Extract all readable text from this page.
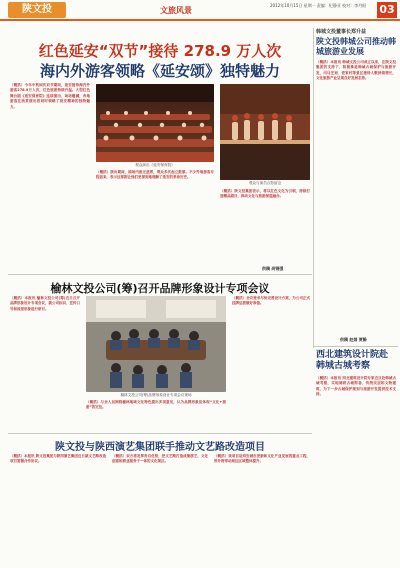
陕文投	文旅风景
2012年10月15日 星期一 责编：纪静亚 校对：李丹阳	03
红色延安“双节”接待 278.9 万人次
海内外游客领略《延安颂》独特魅力
（概括）今年中秋国庆双节期间，延安接待海内外游客278.9万人次，红色旅游持续升温。大型红色舞台剧《延安保育院》连续演出、场场爆满，各地游客在欣赏演出的同时领略了延安精神的独特魅力。
观众演出《延安保育院》
（概括）演出期间，剧场内座无虚席，观众多次起立鼓掌。不少外地游客专程前来，表示这部剧让他们更深刻地理解了延安的革命历史。
观众与演员合影留念
（概括）陕文投集团表示，将以红色文化为引领，持续打造精品剧目，推动文化与旅游深度融合。
供稿 尚锦强
韩城文投董事长郑升益
陕文投韩城公司推动韩城旅游业发展
（概括）本报讯 韩城文投公司成立以来，在陕文投集团的支持下，积极推进韩城古城保护与旅游开发，司马迁祠、党家村等景区接待人数持续增长，文化旅游产业呈现良好发展态势。
供稿 赵娟 贾静
榆林文投公司(筹)召开品牌形象设计专项会议
（概括）本报讯 榆林文投公司(筹)近日召开品牌形象设计专项会议，就公司标识、宣传口号和视觉形象进行研讨。
榆林文投公司(筹)品牌形象设计专项会议现场
（概括）与会人员围绕榆林地域文化特色提出多项意见，认为品牌形象应体现“文化+旅游”的定位。
（概括）会议要求尽快完善设计方案，为公司正式挂牌运营做好准备。
西北建筑设计院赴韩城古城考察
（概括）本报讯 西北建筑设计院专家近日赴韩城古城考察，实地调研古城街巷、传统民居和文物建筑，为下一步古城保护规划与旅游开发提供技术支持。
陕文投与陕西演艺集团联手推动文艺路改造项目
（概括）本报讯 陕文投集团与陕西演艺集团近日就文艺路改造项目签署合作协议。
（概括）双方将发挥各自优势，把文艺路打造成集演艺、文化创意和商业服务于一体的文化街区。
（概括）该项目是西安城市更新和文化产业发展的重点工程，预计将带动周边区域整体提升。
